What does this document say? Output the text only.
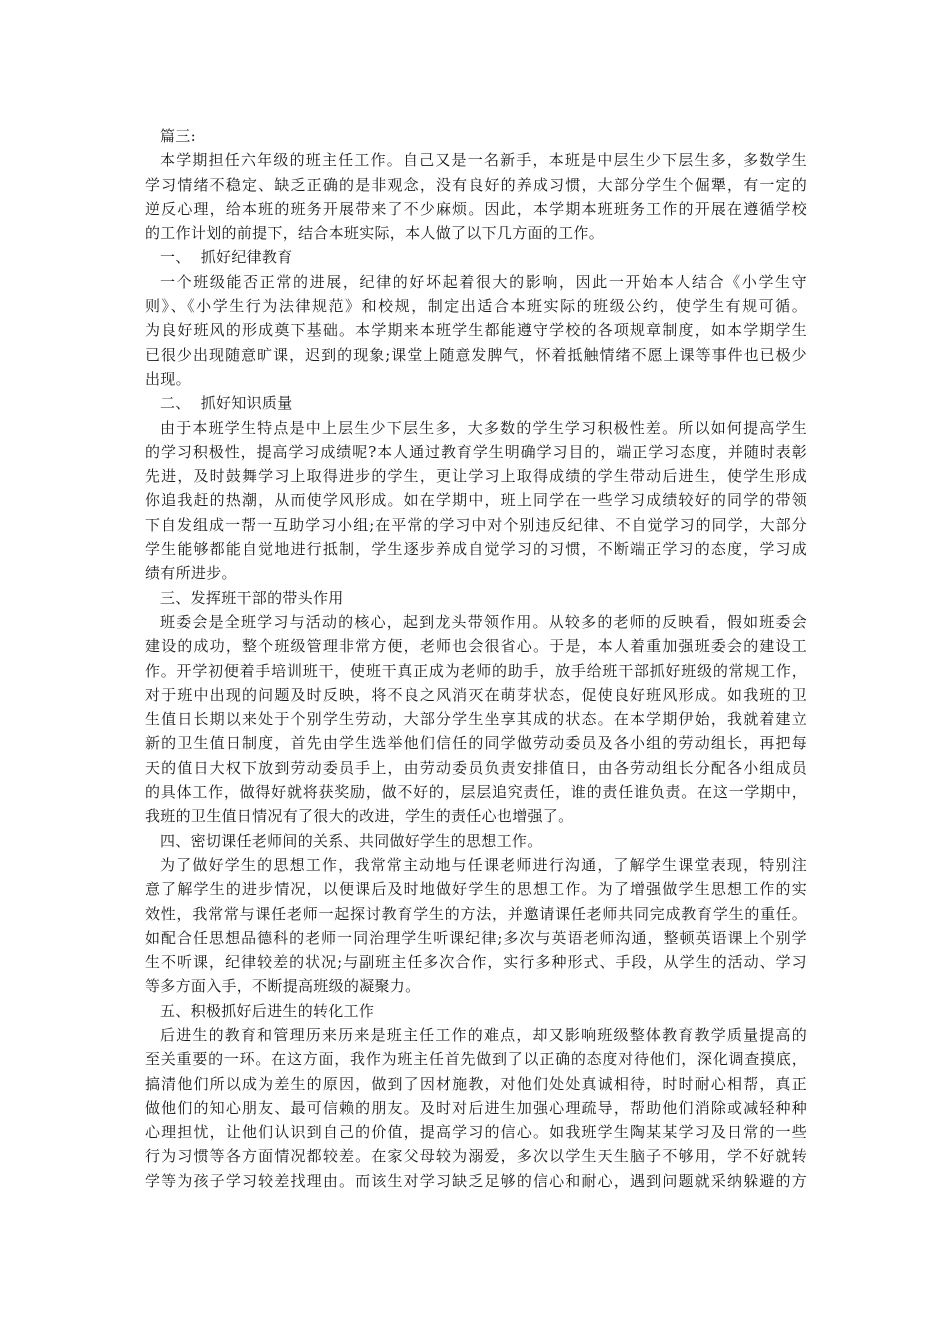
篇三:
本学期担任六年级的班主任工作。自己又是一名新手，本班是中层生少下层生多，多数学生
学习情绪不稳定、缺乏正确的是非观念，没有良好的养成习惯，大部分学生个倔犟，有一定的
逆反心理，给本班的班务开展带来了不少麻烦。因此，本学期本班班务工作的开展在遵循学校
的工作计划的前提下，结合本班实际，本人做了以下几方面的工作。
一、  抓好纪律教育
一个班级能否正常的进展，纪律的好坏起着很大的影响，因此一开始本人结合《小学生守
则》、《小学生行为法律规范》和校规，制定出适合本班实际的班级公约，使学生有规可循。
为良好班风的形成奠下基础。本学期来本班学生都能遵守学校的各项规章制度，如本学期学生
已很少出现随意旷课，迟到的现象;课堂上随意发脾气，怀着抵触情绪不愿上课等事件也已极少
出现。
二、  抓好知识质量
由于本班学生特点是中上层生少下层生多，大多数的学生学习积极性差。所以如何提高学生
的学习积极性，提高学习成绩呢?本人通过教育学生明确学习目的，端正学习态度，并随时表彰
先进，及时鼓舞学习上取得进步的学生，更让学习上取得成绩的学生带动后进生，使学生形成
你追我赶的热潮，从而使学风形成。如在学期中，班上同学在一些学习成绩较好的同学的带领
下自发组成一帮一互助学习小组;在平常的学习中对个别违反纪律、不自觉学习的同学，大部分
学生能够都能自觉地进行抵制，学生逐步养成自觉学习的习惯，不断端正学习的态度，学习成
绩有所进步。
三、发挥班干部的带头作用
班委会是全班学习与活动的核心，起到龙头带领作用。从较多的老师的反映看，假如班委会
建设的成功，整个班级管理非常方便，老师也会很省心。于是，本人着重加强班委会的建设工
作。开学初便着手培训班干，使班干真正成为老师的助手，放手给班干部抓好班级的常规工作，
对于班中出现的问题及时反映，将不良之风消灭在萌芽状态，促使良好班风形成。如我班的卫
生值日长期以来处于个别学生劳动，大部分学生坐享其成的状态。在本学期伊始，我就着建立
新的卫生值日制度，首先由学生选举他们信任的同学做劳动委员及各小组的劳动组长，再把每
天的值日大权下放到劳动委员手上，由劳动委员负责安排值日，由各劳动组长分配各小组成员
的具体工作，做得好就将获奖励，做不好的，层层追究责任，谁的责任谁负责。在这一学期中，
我班的卫生值日情况有了很大的改进，学生的责任心也增强了。
四、密切课任老师间的关系、共同做好学生的思想工作。
为了做好学生的思想工作，我常常主动地与任课老师进行沟通，了解学生课堂表现，特别注
意了解学生的进步情况，以便课后及时地做好学生的思想工作。为了增强做学生思想工作的实
效性，我常常与课任老师一起探讨教育学生的方法，并邀请课任老师共同完成教育学生的重任。
如配合任思想品德科的老师一同治理学生听课纪律;多次与英语老师沟通，整顿英语课上个别学
生不听课，纪律较差的状况;与副班主任多次合作，实行多种形式、手段，从学生的活动、学习
等多方面入手，不断提高班级的凝聚力。
五、积极抓好后进生的转化工作
后进生的教育和管理历来历来是班主任工作的难点，却又影响班级整体教育教学质量提高的
至关重要的一环。在这方面，我作为班主任首先做到了以正确的态度对待他们，深化调查摸底，
搞清他们所以成为差生的原因，做到了因材施教，对他们处处真诚相待，时时耐心相帮，真正
做他们的知心朋友、最可信赖的朋友。及时对后进生加强心理疏导，帮助他们消除或减轻种种
心理担忧，让他们认识到自己的价值，提高学习的信心。如我班学生陶某某学习及日常的一些
行为习惯等各方面情况都较差。在家父母较为溺爱，多次以学生天生脑子不够用，学不好就转
学等为孩子学习较差找理由。而该生对学习缺乏足够的信心和耐心，遇到问题就采纳躲避的方
